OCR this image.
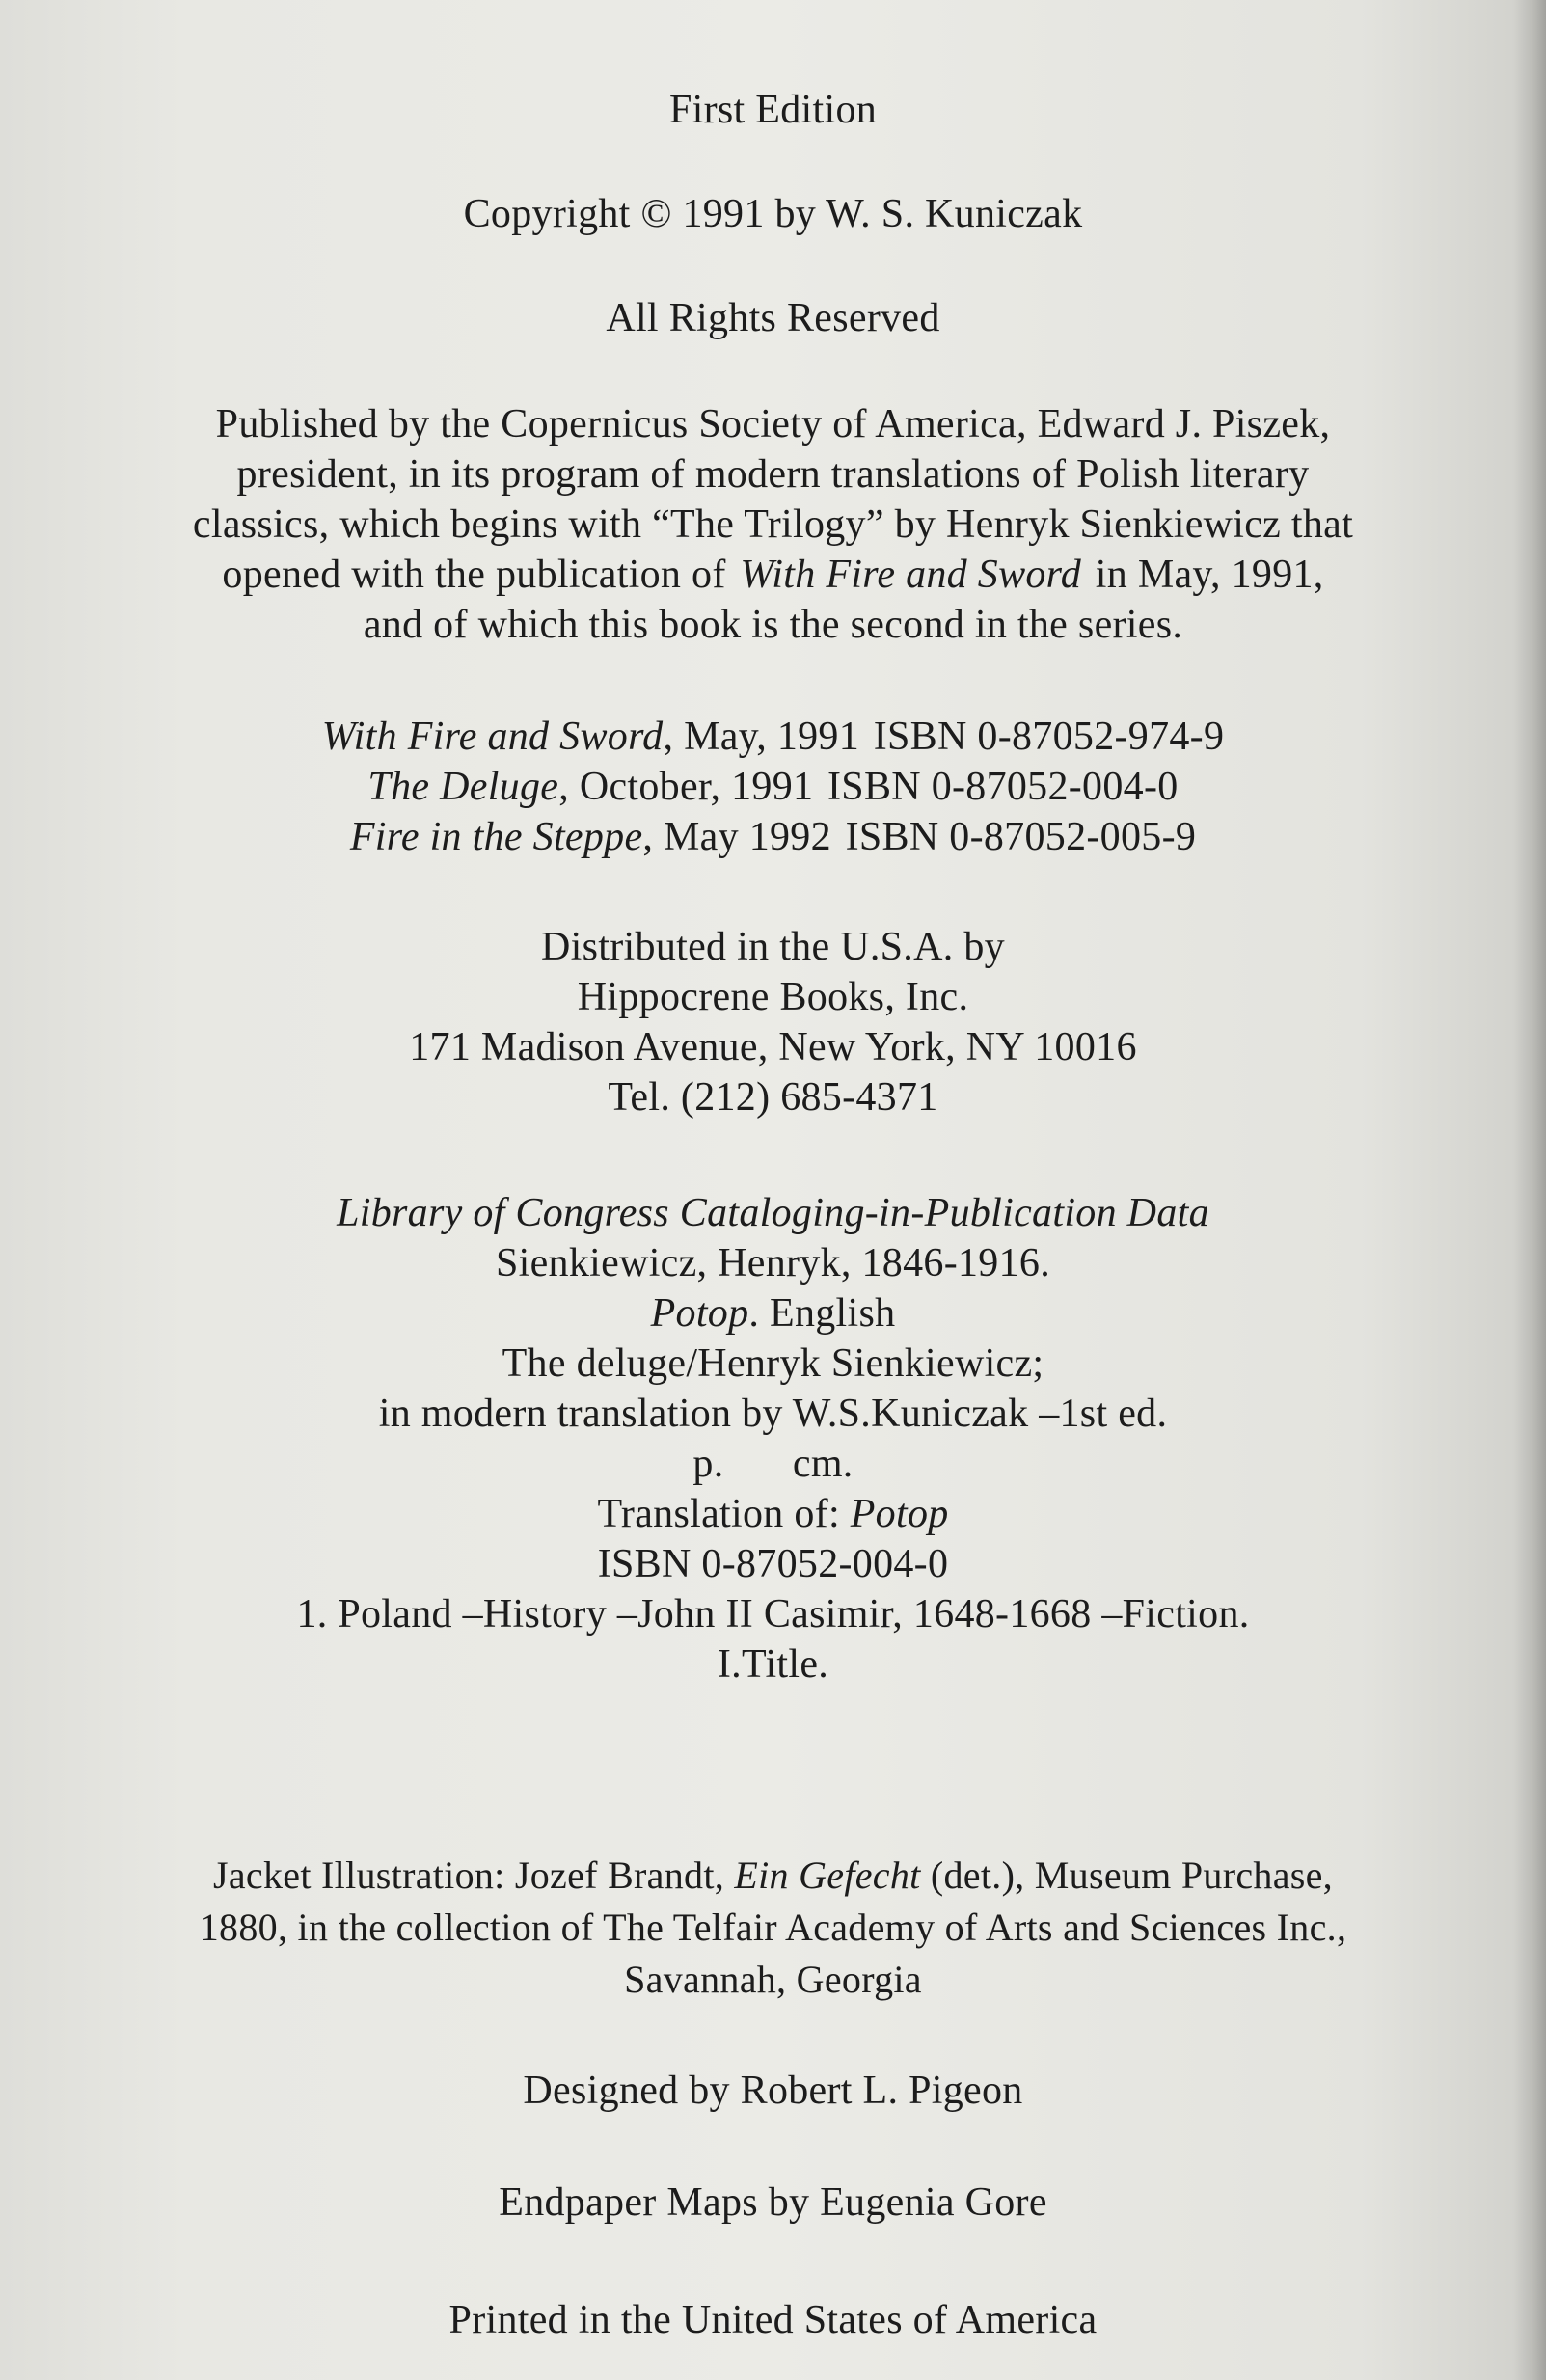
First Edition
Copyright © 1991 by W. S. Kuniczak
All Rights Reserved
Published by the Copernicus Society of America, Edward J. Piszek,
president, in its program of modern translations of Polish literary
classics, which begins with “The Trilogy” by Henryk Sienkiewicz that
opened with the publication of With Fire and Sword in May, 1991,
and of which this book is the second in the series.
With Fire and Sword, May, 1991 ISBN 0-87052-974-9
The Deluge, October, 1991 ISBN 0-87052-004-0
Fire in the Steppe, May 1992 ISBN 0-87052-005-9
Distributed in the U.S.A. by
Hippocrene Books, Inc.
171 Madison Avenue, New York, NY 10016
Tel. (212) 685-4371
Library of Congress Cataloging-in-Publication Data
Sienkiewicz, Henryk, 1846-1916.
Potop. English
The deluge/Henryk Sienkiewicz;
in modern translation by W.S.Kuniczak –1st ed.
p. cm.
Translation of: Potop
ISBN 0-87052-004-0
1. Poland –History –John II Casimir, 1648-1668 –Fiction.
I.Title.
Jacket Illustration: Jozef Brandt, Ein Gefecht (det.), Museum Purchase,
1880, in the collection of The Telfair Academy of Arts and Sciences Inc.,
Savannah, Georgia
Designed by Robert L. Pigeon
Endpaper Maps by Eugenia Gore
Printed in the United States of America
